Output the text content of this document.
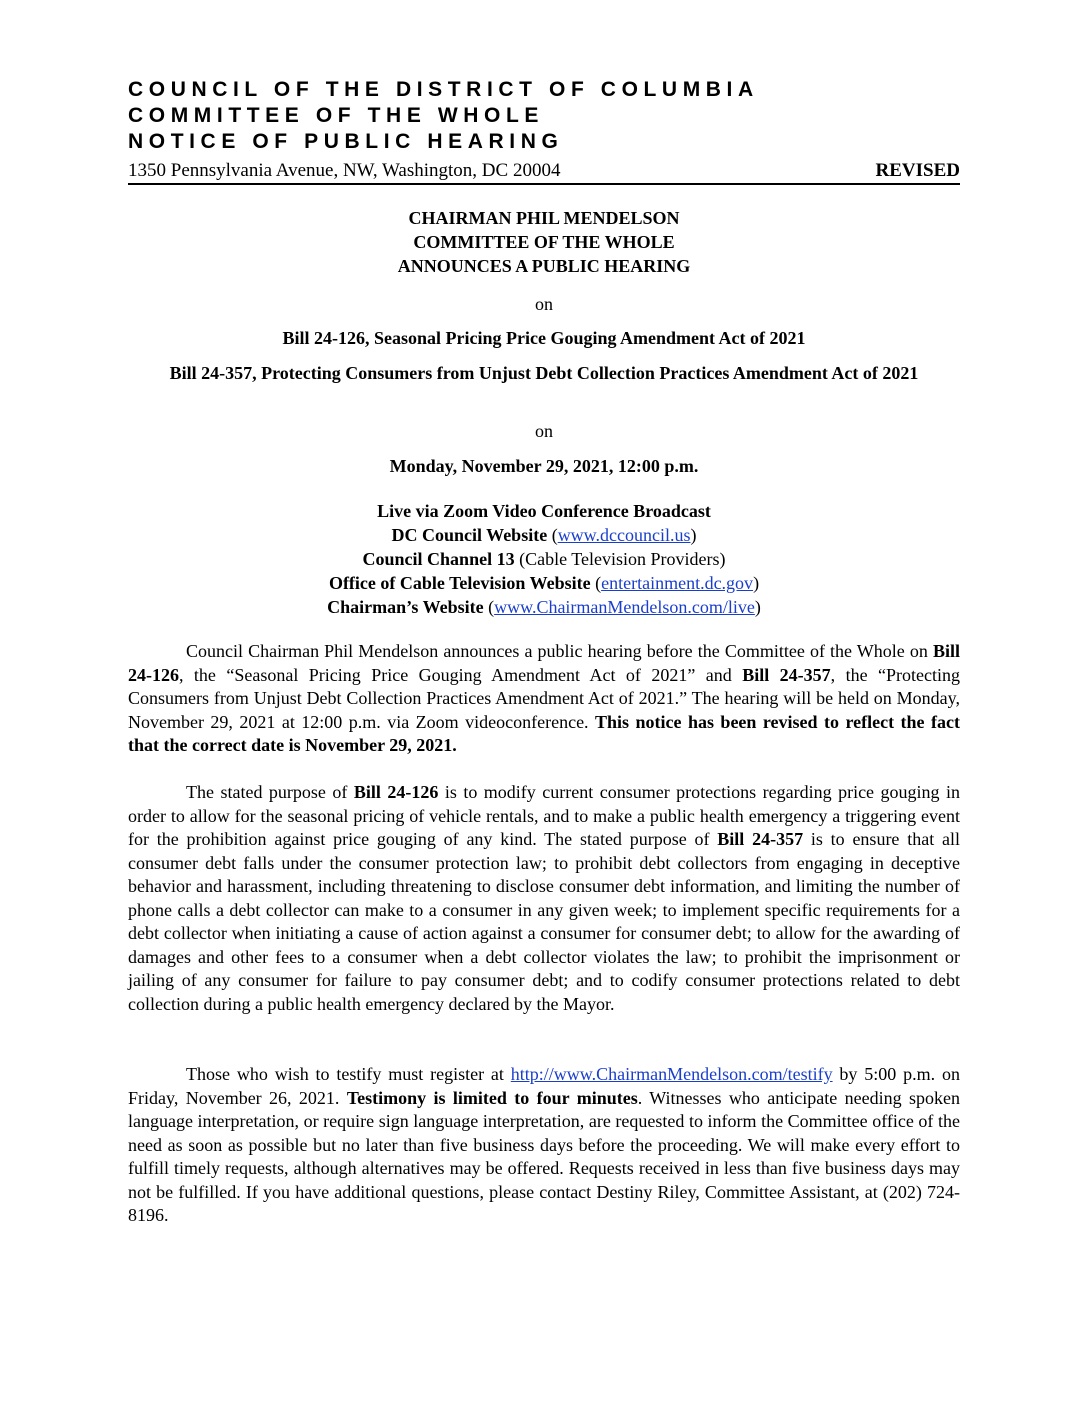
COUNCIL OF THE DISTRICT OF COLUMBIA
COMMITTEE OF THE WHOLE
NOTICE OF PUBLIC HEARING
1350 Pennsylvania Avenue, NW, Washington, DC 20004	REVISED
CHAIRMAN PHIL MENDELSON
COMMITTEE OF THE WHOLE
ANNOUNCES A PUBLIC HEARING
on
Bill 24-126, Seasonal Pricing Price Gouging Amendment Act of 2021
Bill 24-357, Protecting Consumers from Unjust Debt Collection Practices Amendment Act of 2021
on
Monday, November 29, 2021, 12:00 p.m.
Live via Zoom Video Conference Broadcast
DC Council Website (www.dccouncil.us)
Council Channel 13 (Cable Television Providers)
Office of Cable Television Website (entertainment.dc.gov)
Chairman’s Website (www.ChairmanMendelson.com/live)

Council Chairman Phil Mendelson announces a public hearing before the Committee of the Whole on Bill 24-126, the “Seasonal Pricing Price Gouging Amendment Act of 2021” and Bill 24-357, the “Protecting Consumers from Unjust Debt Collection Practices Amendment Act of 2021.” The hearing will be held on Monday, November 29, 2021 at 12:00 p.m. via Zoom videoconference. This notice has been revised to reflect the fact that the correct date is November 29, 2021.

The stated purpose of Bill 24-126 is to modify current consumer protections regarding price gouging in order to allow for the seasonal pricing of vehicle rentals, and to make a public health emergency a triggering event for the prohibition against price gouging of any kind. The stated purpose of Bill 24-357 is to ensure that all consumer debt falls under the consumer protection law; to prohibit debt collectors from engaging in deceptive behavior and harassment, including threatening to disclose consumer debt information, and limiting the number of phone calls a debt collector can make to a consumer in any given week; to implement specific requirements for a debt collector when initiating a cause of action against a consumer for consumer debt; to allow for the awarding of damages and other fees to a consumer when a debt collector violates the law; to prohibit the imprisonment or jailing of any consumer for failure to pay consumer debt; and to codify consumer protections related to debt collection during a public health emergency declared by the Mayor.

Those who wish to testify must register at http://www.ChairmanMendelson.com/testify by 5:00 p.m. on Friday, November 26, 2021. Testimony is limited to four minutes. Witnesses who anticipate needing spoken language interpretation, or require sign language interpretation, are requested to inform the Committee office of the need as soon as possible but no later than five business days before the proceeding. We will make every effort to fulfill timely requests, although alternatives may be offered. Requests received in less than five business days may not be fulfilled. If you have additional questions, please contact Destiny Riley, Committee Assistant, at (202) 724-8196.
